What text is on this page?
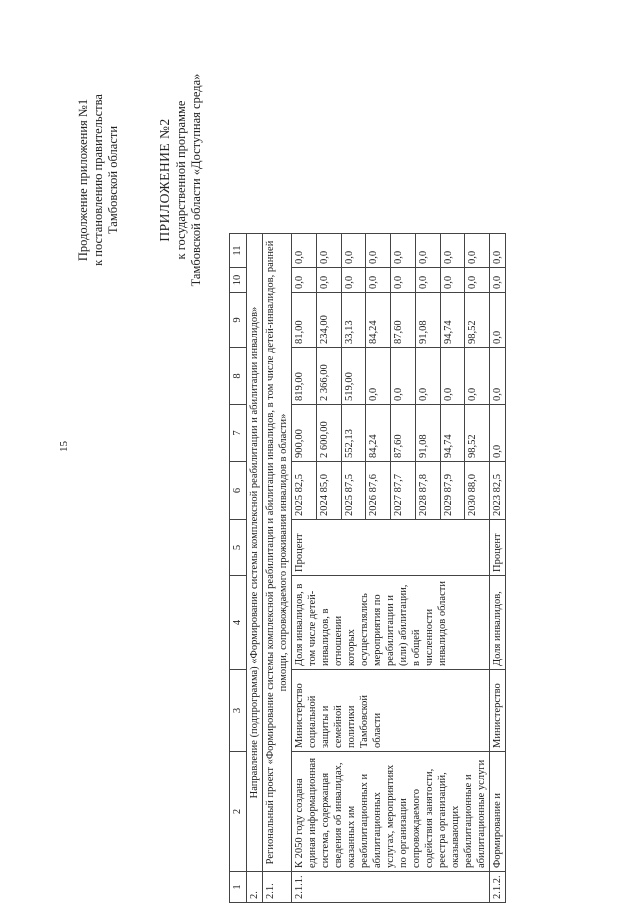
15
Продолжение приложения №1 к постановлению правительства Тамбовской области	ПРИЛОЖЕНИЕ №2 к государственной программе Тамбовской области «Доступная среда»
1	2	3	4	5	6	7	8	9	10	11
2.	Направление (подпрограмма) «Формирование системы комплексной реабилитации и абилитации инвалидов»									
2.1.	Региональный проект «Формирование системы комплексной реабилитации и абилитации инвалидов, в том числе детей-инвалидов, ранней помощи, сопровождаемого проживания инвалидов в области»									
2.1.1.	К 2050 году создана единая информационная система, содержащая сведения об инвалидах, оказанных им реабилитационных и абилитационных услугах, мероприятиях по организации сопровождаемого содействия занятости, реестра организаций, оказывающих реабилитационные и абилитационные услуги	Министерство социальной защиты и семейной политики Тамбовской области	Доля инвалидов, в том числе детей-инвалидов, в отношении которых осуществлялись мероприятия по реабилитации и (или) абилитации, в общей численности инвалидов области	Процент	2025 82,5	900,00	819,00	81,00	0,0	0,0
					2024 85,0	2 600,00	2 366,00	234,00	0,0	0,0
					2025 87,5	552,13	519,00	33,13	0,0	0,0
					2026 87,6	84,24	0,0	84,24	0,0	0,0
					2027 87,7	87,60	0,0	87,60	0,0	0,0
					2028 87,8	91,08	0,0	91,08	0,0	0,0
					2029 87,9	94,74	0,0	94,74	0,0	0,0
					2030 88,0	98,52	0,0	98,52	0,0	0,0
2.1.2.	Формирование и	Министерство	Доля инвалидов,	Процент	2023 82,5	0,0	0,0	0,0	0,0	0,0
